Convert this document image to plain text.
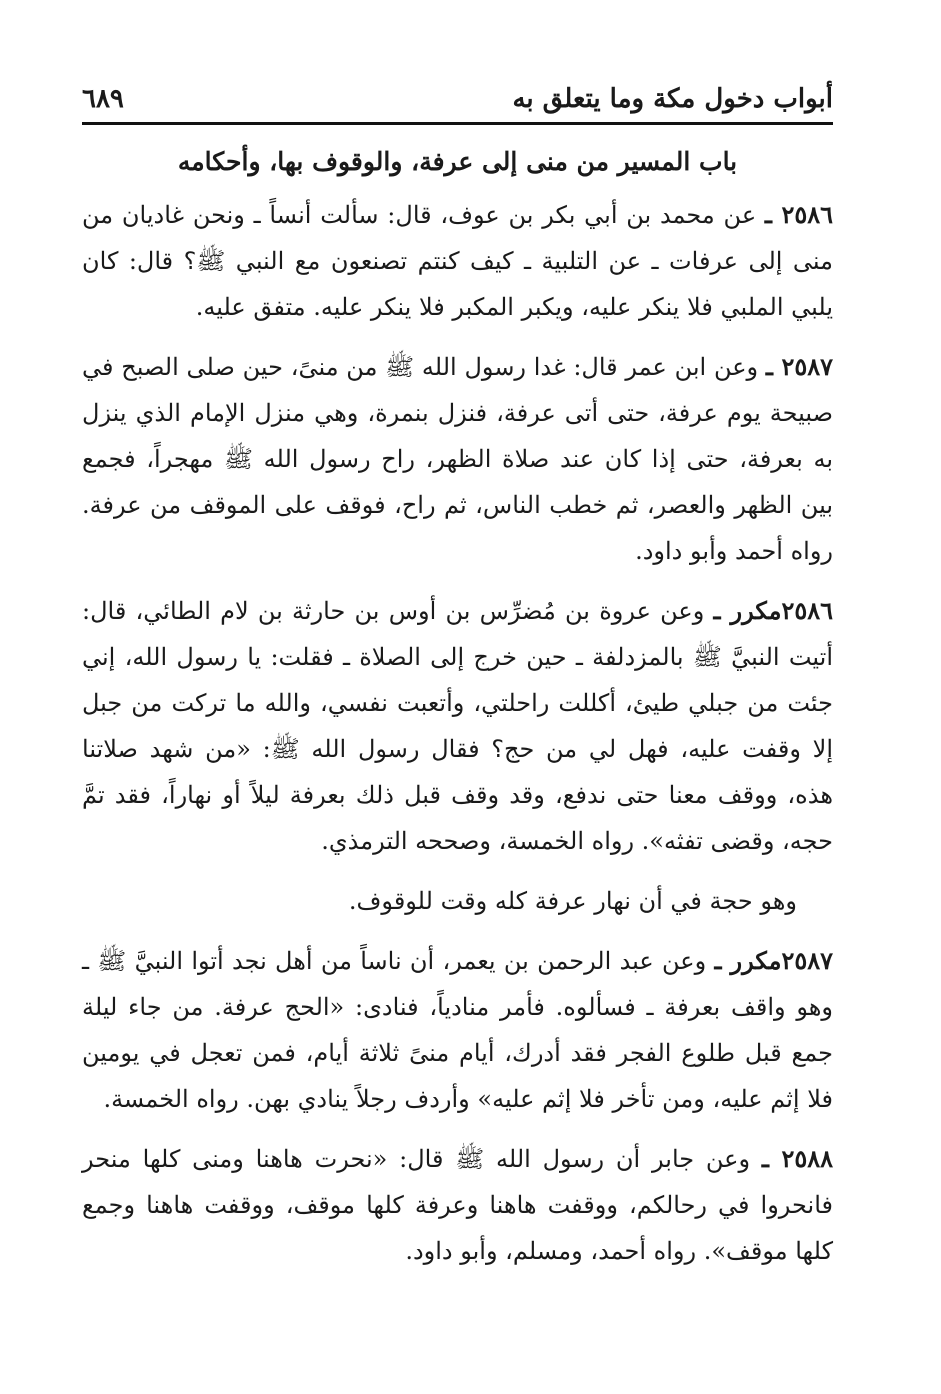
أبواب دخول مكة وما يتعلق به
٦٨٩
باب المسير من منى إلى عرفة، والوقوف بها، وأحكامه
٢٥٨٦ ـ عن محمد بن أبي بكر بن عوف، قال: سألت أنساً ـ ونحن غاديان من منى إلى عرفات ـ عن التلبية ـ كيف كنتم تصنعون مع النبي ﷺ؟ قال: كان يلبي الملبي فلا ينكر عليه، ويكبر المكبر فلا ينكر عليه. متفق عليه.
٢٥٨٧ ـ وعن ابن عمر قال: غدا رسول الله ﷺ من منىً، حين صلى الصبح في صبيحة يوم عرفة، حتى أتى عرفة، فنزل بنمرة، وهي منزل الإمام الذي ينزل به بعرفة، حتى إذا كان عند صلاة الظهر، راح رسول الله ﷺ مهجراً، فجمع بين الظهر والعصر، ثم خطب الناس، ثم راح، فوقف على الموقف من عرفة. رواه أحمد وأبو داود.
٢٥٨٦مكرر ـ وعن عروة بن مُضرِّس بن أوس بن حارثة بن لام الطائي، قال: أتيت النبيَّ ﷺ بالمزدلفة ـ حين خرج إلى الصلاة ـ فقلت: يا رسول الله، إني جئت من جبلي طيئ، أكللت راحلتي، وأتعبت نفسي، والله ما تركت من جبل إلا وقفت عليه، فهل لي من حج؟ فقال رسول الله ﷺ: «من شهد صلاتنا هذه، ووقف معنا حتى ندفع، وقد وقف قبل ذلك بعرفة ليلاً أو نهاراً، فقد تمَّ حجه، وقضى تفثه». رواه الخمسة، وصححه الترمذي.
وهو حجة في أن نهار عرفة كله وقت للوقوف.
٢٥٨٧مكرر ـ وعن عبد الرحمن بن يعمر، أن ناساً من أهل نجد أتوا النبيَّ ﷺ ـ وهو واقف بعرفة ـ فسألوه. فأمر منادياً، فنادى: «الحج عرفة. من جاء ليلة جمع قبل طلوع الفجر فقد أدرك، أيام منىً ثلاثة أيام، فمن تعجل في يومين فلا إثم عليه، ومن تأخر فلا إثم عليه» وأردف رجلاً ينادي بهن. رواه الخمسة.
٢٥٨٨ ـ وعن جابر أن رسول الله ﷺ قال: «نحرت هاهنا ومنى كلها منحر فانحروا في رحالكم، ووقفت هاهنا وعرفة كلها موقف، ووقفت هاهنا وجمع كلها موقف». رواه أحمد، ومسلم، وأبو داود.
